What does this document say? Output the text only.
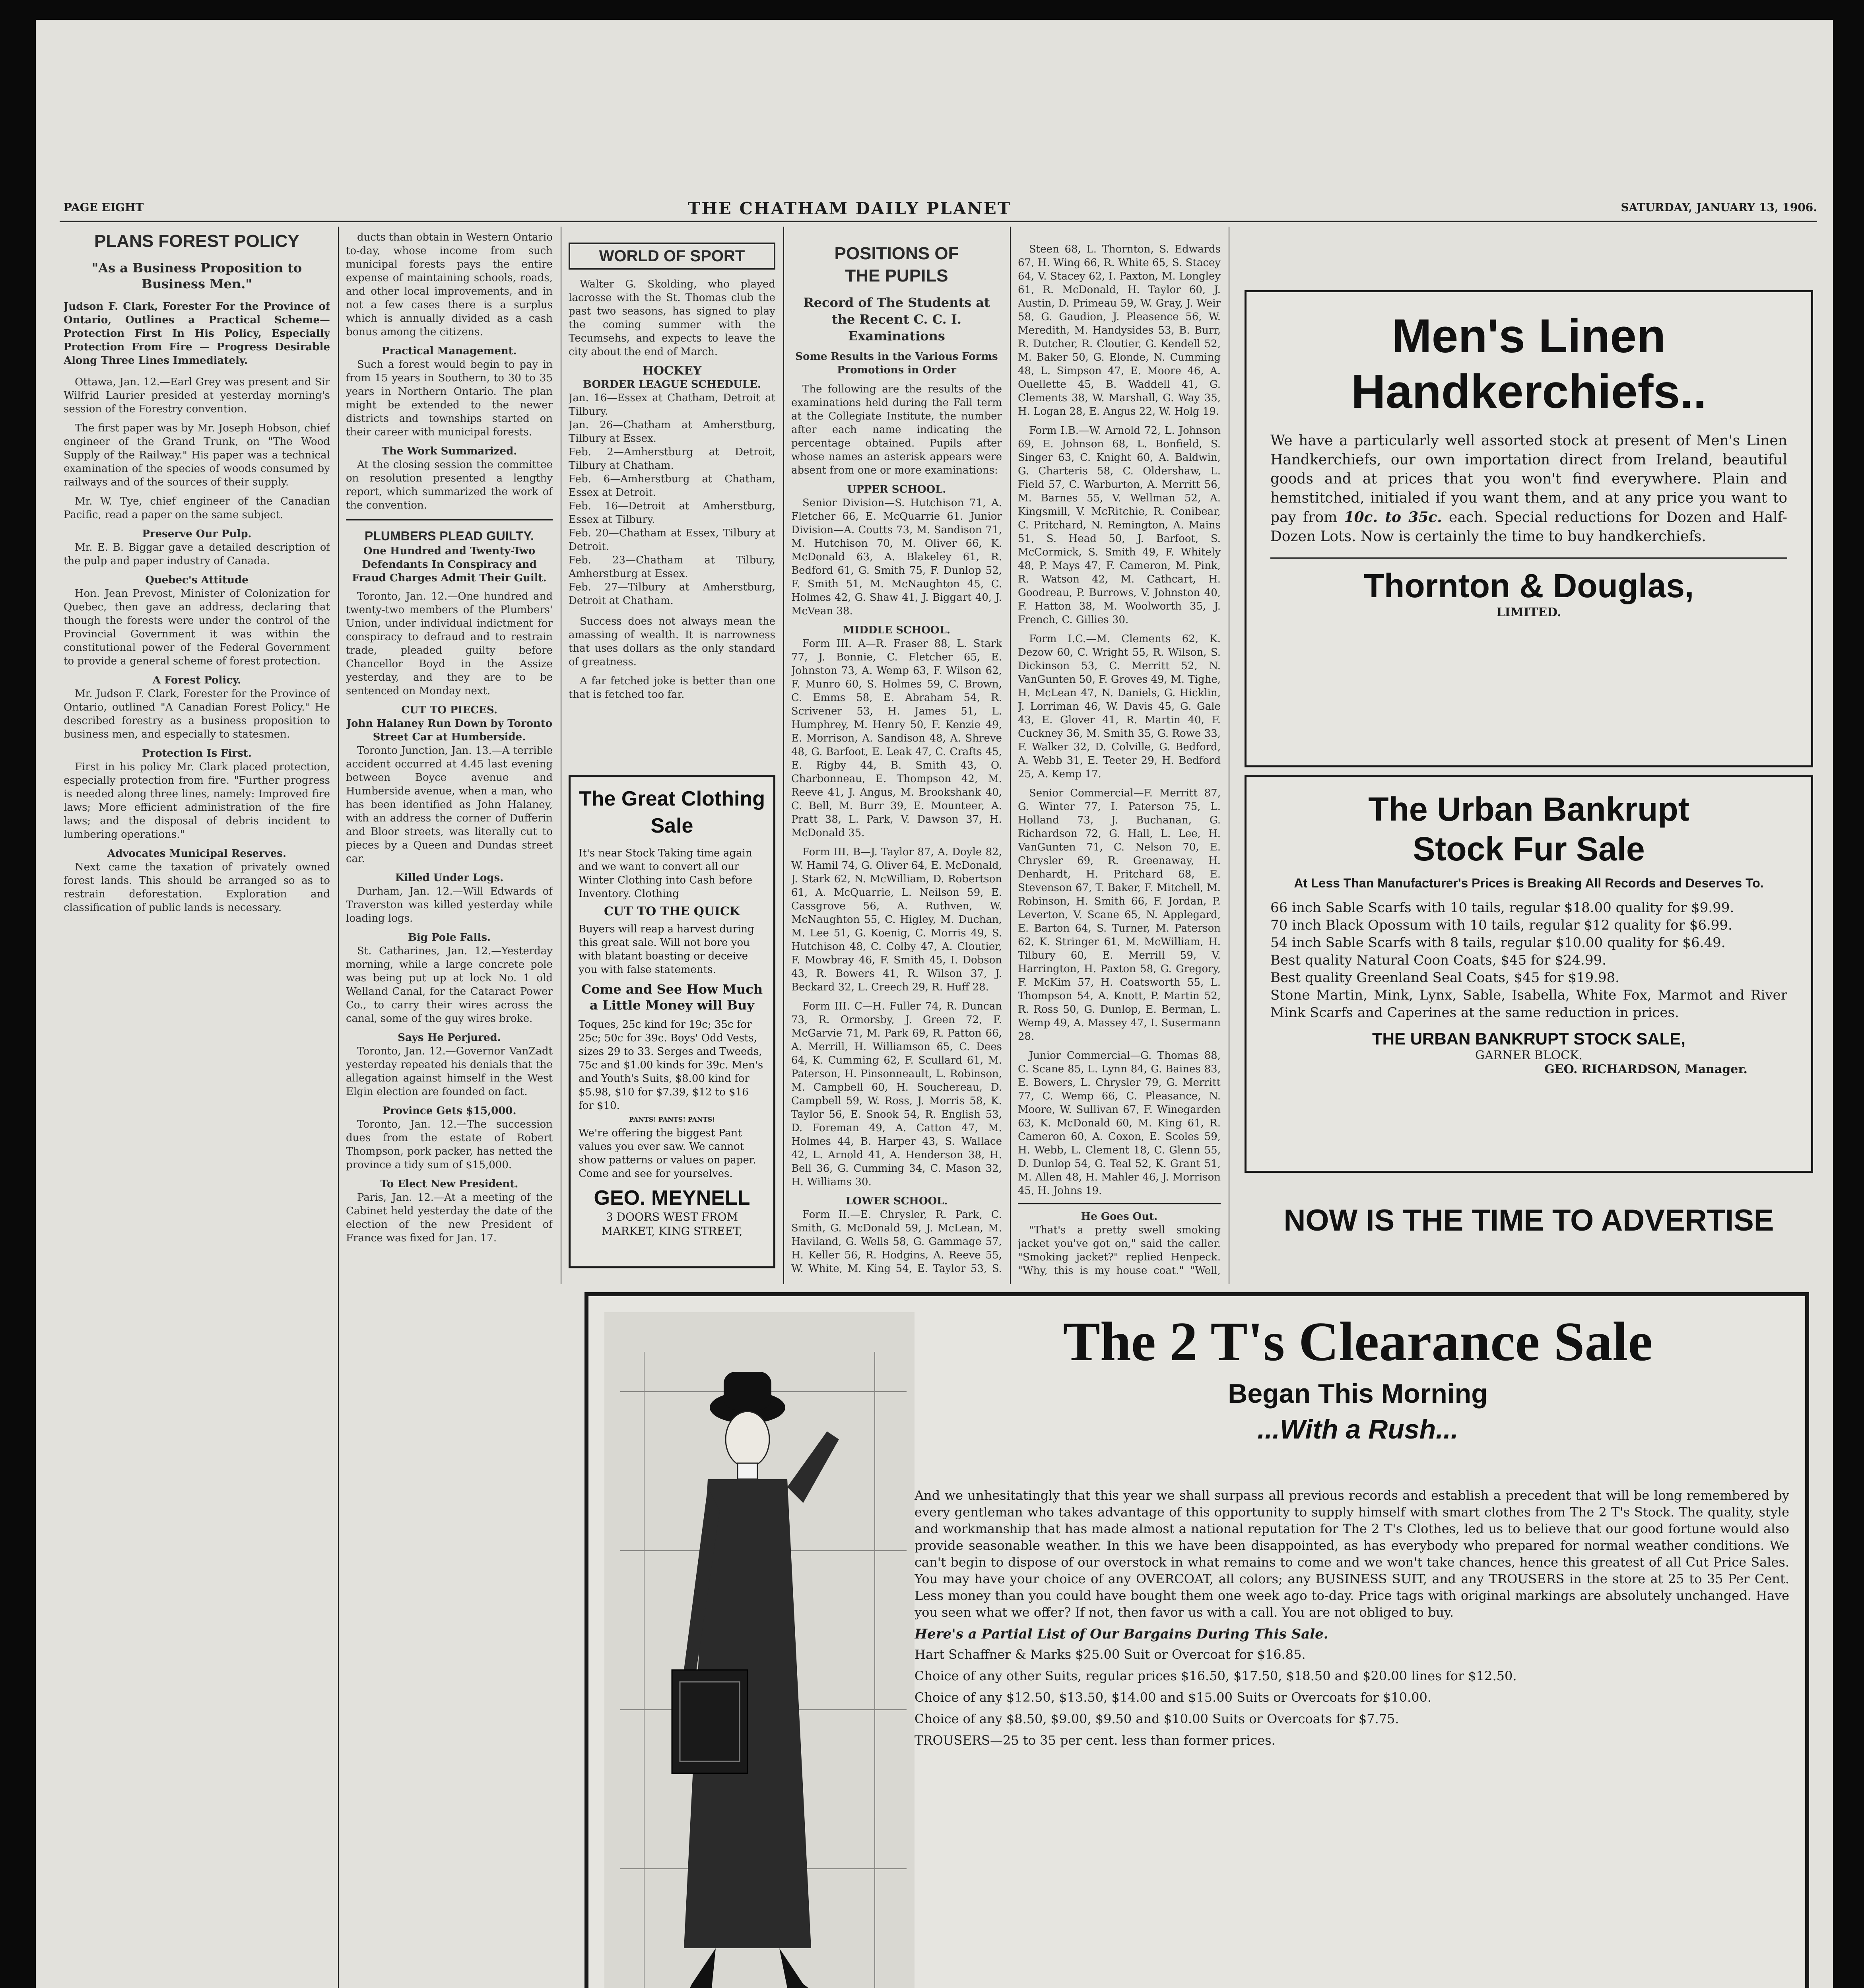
PAGE EIGHT	THE CHATHAM DAILY PLANET	SATURDAY, JANUARY 13, 1906.
PLANS FOREST POLICY
"As a Business Proposition to Business Men."
Judson F. Clark, Forester For the Province of Ontario, Outlines a Practical Scheme—Protection First In His Policy, Especially Protection From Fire — Progress Desirable Along Three Lines Immediately.

Ottawa, Jan. 12.—Earl Grey was present and Sir Wilfrid Laurier presided at yesterday morning's session of the Forestry convention.

The first paper was by Mr. Joseph Hobson, chief engineer of the Grand Trunk, on "The Wood Supply of the Railway." His paper was a technical examination of the species of woods consumed by railways and of the sources of their supply.

Mr. W. Tye, chief engineer of the Canadian Pacific, read a paper on the same subject.

Preserve Our Pulp.

Mr. E. B. Biggar gave a detailed description of the pulp and paper industry of Canada.

Quebec's Attitude

Hon. Jean Prevost, Minister of Colonization for Quebec, then gave an address, declaring that though the forests were under the control of the Provincial Government it was within the constitutional power of the Federal Government to provide a general scheme of forest protection.

A Forest Policy.

Mr. Judson F. Clark, Forester for the Province of Ontario, outlined "A Canadian Forest Policy." He described forestry as a business proposition to business men, and especially to statesmen.

Protection Is First.

First in his policy Mr. Clark placed protection, especially protection from fire. "Further progress is needed along three lines, namely: Improved fire laws; More efficient administration of the fire laws; and the disposal of debris incident to lumbering operations."

Advocates Municipal Reserves.

Next came the taxation of privately owned forest lands. This should be arranged so as to restrain deforestation. Exploration and classification of public lands is necessary.

ducts than obtain in Western Ontario to-day, whose income from such municipal forests pays the entire expense of maintaining schools, roads, and other local improvements, and in not a few cases there is a surplus which is annually divided as a cash bonus among the citizens.

Practical Management.

Such a forest would begin to pay in from 15 years in Southern, to 30 to 35 years in Northern Ontario. The plan might be extended to the newer districts and townships started on their career with municipal forests.

The Work Summarized.

At the closing session the committee on resolution presented a lengthy report, which summarized the work of the convention.

PLUMBERS PLEAD GUILTY.
One Hundred and Twenty-Two Defendants In Conspiracy and Fraud Charges Admit Their Guilt.

Toronto, Jan. 12.—One hundred and twenty-two members of the Plumbers' Union, under individual indictment for conspiracy to defraud and to restrain trade, pleaded guilty before Chancellor Boyd in the Assize yesterday, and they are to be sentenced on Monday next.

CUT TO PIECES.
John Halaney Run Down by Toronto Street Car at Humberside.

Toronto Junction, Jan. 13.—A terrible accident occurred at 4.45 last evening between Boyce avenue and Humberside avenue, when a man, who has been identified as John Halaney, with an address the corner of Dufferin and Bloor streets, was literally cut to pieces by a Queen and Dundas street car.

Killed Under Logs.

Durham, Jan. 12.—Will Edwards of Traverston was killed yesterday while loading logs.

Big Pole Falls.

St. Catharines, Jan. 12.—Yesterday morning, while a large concrete pole was being put up at lock No. 1 old Welland Canal, for the Cataract Power Co., to carry their wires across the canal, some of the guy wires broke.

Says He Perjured.

Toronto, Jan. 12.—Governor VanZadt yesterday repeated his denials that the allegation against himself in the West Elgin election are founded on fact.

Province Gets $15,000.

Toronto, Jan. 12.—The succession dues from the estate of Robert Thompson, pork packer, has netted the province a tidy sum of $15,000.

To Elect New President.

Paris, Jan. 12.—At a meeting of the Cabinet held yesterday the date of the election of the new President of France was fixed for Jan. 17.

WORLD OF SPORT

Walter G. Skolding, who played lacrosse with the St. Thomas club the past two seasons, has signed to play the coming summer with the Tecumsehs, and expects to leave the city about the end of March.

HOCKEY
BORDER LEAGUE SCHEDULE.
Jan. 16—Essex at Chatham, Detroit at Tilbury.
Jan. 26—Chatham at Amherstburg, Tilbury at Essex.
Feb. 2—Amherstburg at Detroit, Tilbury at Chatham.
Feb. 6—Amherstburg at Chatham, Essex at Detroit.
Feb. 16—Detroit at Amherstburg, Essex at Tilbury.
Feb. 20—Chatham at Essex, Tilbury at Detroit.
Feb. 23—Chatham at Tilbury, Amherstburg at Essex.
Feb. 27—Tilbury at Amherstburg, Detroit at Chatham.

Success does not always mean the amassing of wealth. It is narrowness that uses dollars as the only standard of greatness.

A far fetched joke is better than one that is fetched too far.

The Great Clothing Sale
It's near Stock Taking time again and we want to convert all our Winter Clothing into Cash before Inventory. Clothing
CUT TO THE QUICK
Buyers will reap a harvest during this great sale. Will not bore you with blatant boasting or deceive you with false statements.
Come and See How Much a Little Money will Buy
Toques, 25c kind for 19c; 35c for 25c; 50c for 39c. Boys' Odd Vests, sizes 29 to 33. Serges and Tweeds, 75c and $1.00 kinds for 39c. Men's and Youth's Suits, $8.00 kind for $5.98, $10 for $7.39, $12 to $16 for $10.
PANTS! PANTS! PANTS!
We're offering the biggest Pant values you ever saw. We cannot show patterns or values on paper. Come and see for yourselves.
GEO. MEYNELL
3 DOORS WEST FROM MARKET, KING STREET,
POSITIONS OF
THE PUPILS
Record of The Students at the Recent C. C. I. Examinations
Some Results in the Various Forms Promotions in Order

The following are the results of the examinations held during the Fall term at the Collegiate Institute, the number after each name indicating the percentage obtained. Pupils after whose names an asterisk appears were absent from one or more examinations:

UPPER SCHOOL.

Senior Division—S. Hutchison 71, A. Fletcher 66, E. McQuarrie 61. Junior Division—A. Coutts 73, M. Sandison 71, M. Hutchison 70, M. Oliver 66, K. McDonald 63, A. Blakeley 61, R. Bedford 61, G. Smith 75, F. Dunlop 52, F. Smith 51, M. McNaughton 45, C. Holmes 42, G. Shaw 41, J. Biggart 40, J. McVean 38.

MIDDLE SCHOOL.

Form III. A—R. Fraser 88, L. Stark 77, J. Bonnie, C. Fletcher 65, E. Johnston 73, A. Wemp 63, F. Wilson 62, F. Munro 60, S. Holmes 59, C. Brown, C. Emms 58, E. Abraham 54, R. Scrivener 53, H. James 51, L. Humphrey, M. Henry 50, F. Kenzie 49, E. Morrison, A. Sandison 48, A. Shreve 48, G. Barfoot, E. Leak 47, C. Crafts 45, E. Rigby 44, B. Smith 43, O. Charbonneau, E. Thompson 42, M. Reeve 41, J. Angus, M. Brookshank 40, C. Bell, M. Burr 39, E. Mounteer, A. Pratt 38, L. Park, V. Dawson 37, H. McDonald 35.

Form III. B—J. Taylor 87, A. Doyle 82, W. Hamil 74, G. Oliver 64, E. McDonald, J. Stark 62, N. McWilliam, D. Robertson 61, A. McQuarrie, L. Neilson 59, E. Cassgrove 56, A. Ruthven, W. McNaughton 55, C. Higley, M. Duchan, M. Lee 51, G. Koenig, C. Morris 49, S. Hutchison 48, C. Colby 47, A. Cloutier, F. Mowbray 46, F. Smith 45, I. Dobson 43, R. Bowers 41, R. Wilson 37, J. Beckard 32, L. Creech 29, R. Huff 28.

Form III. C—H. Fuller 74, R. Duncan 73, R. Ormorsby, J. Green 72, F. McGarvie 71, M. Park 69, R. Patton 66, A. Merrill, H. Williamson 65, C. Dees 64, K. Cumming 62, F. Scullard 61, M. Paterson, H. Pinsonneault, L. Robinson, M. Campbell 60, H. Souchereau, D. Campbell 59, W. Ross, J. Morris 58, K. Taylor 56, E. Snook 54, R. English 53, D. Foreman 49, A. Catton 47, M. Holmes 44, B. Harper 43, S. Wallace 42, L. Arnold 41, A. Henderson 38, H. Bell 36, G. Cumming 34, C. Mason 32, H. Williams 30.

LOWER SCHOOL.

Form II.—E. Chrysler, R. Park, C. Smith, G. McDonald 59, J. McLean, M. Haviland, G. Wells 58, G. Gammage 57, H. Keller 56, R. Hodgins, A. Reeve 55, W. White, M. King 54, E. Taylor 53, S.

Steen 68, L. Thornton, S. Edwards 67, H. Wing 66, R. White 65, S. Stacey 64, V. Stacey 62, I. Paxton, M. Longley 61, R. McDonald, H. Taylor 60, J. Austin, D. Primeau 59, W. Gray, J. Weir 58, G. Gaudion, J. Pleasence 56, W. Meredith, M. Handysides 53, B. Burr, R. Dutcher, R. Cloutier, G. Kendell 52, M. Baker 50, G. Elonde, N. Cumming 48, L. Simpson 47, E. Moore 46, A. Ouellette 45, B. Waddell 41, G. Clements 38, W. Marshall, G. Way 35, H. Logan 28, E. Angus 22, W. Holg 19.

Form I.B.—W. Arnold 72, L. Johnson 69, E. Johnson 68, L. Bonfield, S. Singer 63, C. Knight 60, A. Baldwin, G. Charteris 58, C. Oldershaw, L. Field 57, C. Warburton, A. Merritt 56, M. Barnes 55, V. Wellman 52, A. Kingsmill, V. McRitchie, R. Conibear, C. Pritchard, N. Remington, A. Mains 51, S. Head 50, J. Barfoot, S. McCormick, S. Smith 49, F. Whitely 48, P. Mays 47, F. Cameron, M. Pink, R. Watson 42, M. Cathcart, H. Goodreau, P. Burrows, V. Johnston 40, F. Hatton 38, M. Woolworth 35, J. French, C. Gillies 30.

Form I.C.—M. Clements 62, K. Dezow 60, C. Wright 55, R. Wilson, S. Dickinson 53, C. Merritt 52, N. VanGunten 50, F. Groves 49, M. Tighe, H. McLean 47, N. Daniels, G. Hicklin, J. Lorriman 46, W. Davis 45, G. Gale 43, E. Glover 41, R. Martin 40, F. Cuckney 36, M. Smith 35, G. Rowe 33, F. Walker 32, D. Colville, G. Bedford, A. Webb 31, E. Teeter 29, H. Bedford 25, A. Kemp 17.

Senior Commercial—F. Merritt 87, G. Winter 77, I. Paterson 75, L. Holland 73, J. Buchanan, G. Richardson 72, G. Hall, L. Lee, H. VanGunten 71, C. Nelson 70, E. Chrysler 69, R. Greenaway, H. Denhardt, H. Pritchard 68, E. Stevenson 67, T. Baker, F. Mitchell, M. Robinson, H. Smith 66, F. Jordan, P. Leverton, V. Scane 65, N. Applegard, E. Barton 64, S. Turner, M. Paterson 62, K. Stringer 61, M. McWilliam, H. Tilbury 60, E. Merrill 59, V. Harrington, H. Paxton 58, G. Gregory, F. McKim 57, H. Coatsworth 55, L. Thompson 54, A. Knott, P. Martin 52, R. Ross 50, G. Dunlop, E. Berman, L. Wemp 49, A. Massey 47, I. Susermann 28.

Junior Commercial—G. Thomas 88, C. Scane 85, L. Lynn 84, G. Baines 83, E. Bowers, L. Chrysler 79, G. Merritt 77, C. Wemp 66, C. Pleasance, N. Moore, W. Sullivan 67, F. Winegarden 63, K. McDonald 60, M. King 61, R. Cameron 60, A. Coxon, E. Scoles 59, H. Webb, L. Clement 18, C. Glenn 55, D. Dunlop 54, G. Teal 52, K. Grant 51, M. Allen 48, H. Mahler 46, J. Morrison 45, H. Johns 19.

He Goes Out.

"That's a pretty swell smoking jacket you've got on," said the caller. "Smoking jacket?" replied Henpeck. "Why, this is my house coat." "Well,

Men's Linen
Handkerchiefs..
We have a particularly well assorted stock at present of Men's Linen Handkerchiefs, our own importation direct from Ireland, beautiful goods and at prices that you won't find everywhere. Plain and hemstitched, initialed if you want them, and at any price you want to pay from 10c. to 35c. each. Special reductions for Dozen and Half-Dozen Lots. Now is certainly the time to buy handkerchiefs.
Thornton & Douglas,
LIMITED.
The Urban Bankrupt
Stock Fur Sale
At Less Than Manufacturer's Prices is Breaking All Records and Deserves To.
66 inch Sable Scarfs with 10 tails, regular $18.00 quality for $9.99.
70 inch Black Opossum with 10 tails, regular $12 quality for $6.99.
54 inch Sable Scarfs with 8 tails, regular $10.00 quality for $6.49.
Best quality Natural Coon Coats, $45 for $24.99.
Best quality Greenland Seal Coats, $45 for $19.98.
Stone Martin, Mink, Lynx, Sable, Isabella, White Fox, Marmot and River Mink Scarfs and Caperines at the same reduction in prices.
THE URBAN BANKRUPT STOCK SALE,
GARNER BLOCK.
GEO. RICHARDSON, Manager.
NOW IS THE TIME TO ADVERTISE
The 2 T's Clearance Sale
Began This Morning
...With a Rush...
And we unhesitatingly that this year we shall surpass all previous records and establish a precedent that will be long remembered by every gentleman who takes advantage of this opportunity to supply himself with smart clothes from The 2 T's Stock. The quality, style and workmanship that has made almost a national reputation for The 2 T's Clothes, led us to believe that our good fortune would also provide seasonable weather. In this we have been disappointed, as has everybody who prepared for normal weather conditions. We can't begin to dispose of our overstock in what remains to come and we won't take chances, hence this greatest of all Cut Price Sales. You may have your choice of any OVERCOAT, all colors; any BUSINESS SUIT, and any TROUSERS in the store at 25 to 35 Per Cent. Less money than you could have bought them one week ago to-day. Price tags with original markings are absolutely unchanged. Have you seen what we offer? If not, then favor us with a call. You are not obliged to buy.
Here's a Partial List of Our Bargains During This Sale.
Hart Schaffner & Marks $25.00 Suit or Overcoat for $16.85.
Choice of any other Suits, regular prices $16.50, $17.50, $18.50 and $20.00 lines for $12.50.
Choice of any $12.50, $13.50, $14.00 and $15.00 Suits or Overcoats for $10.00.
Choice of any $8.50, $9.00, $9.50 and $10.00 Suits or Overcoats for $7.75.
TROUSERS—25 to 35 per cent. less than former prices.
